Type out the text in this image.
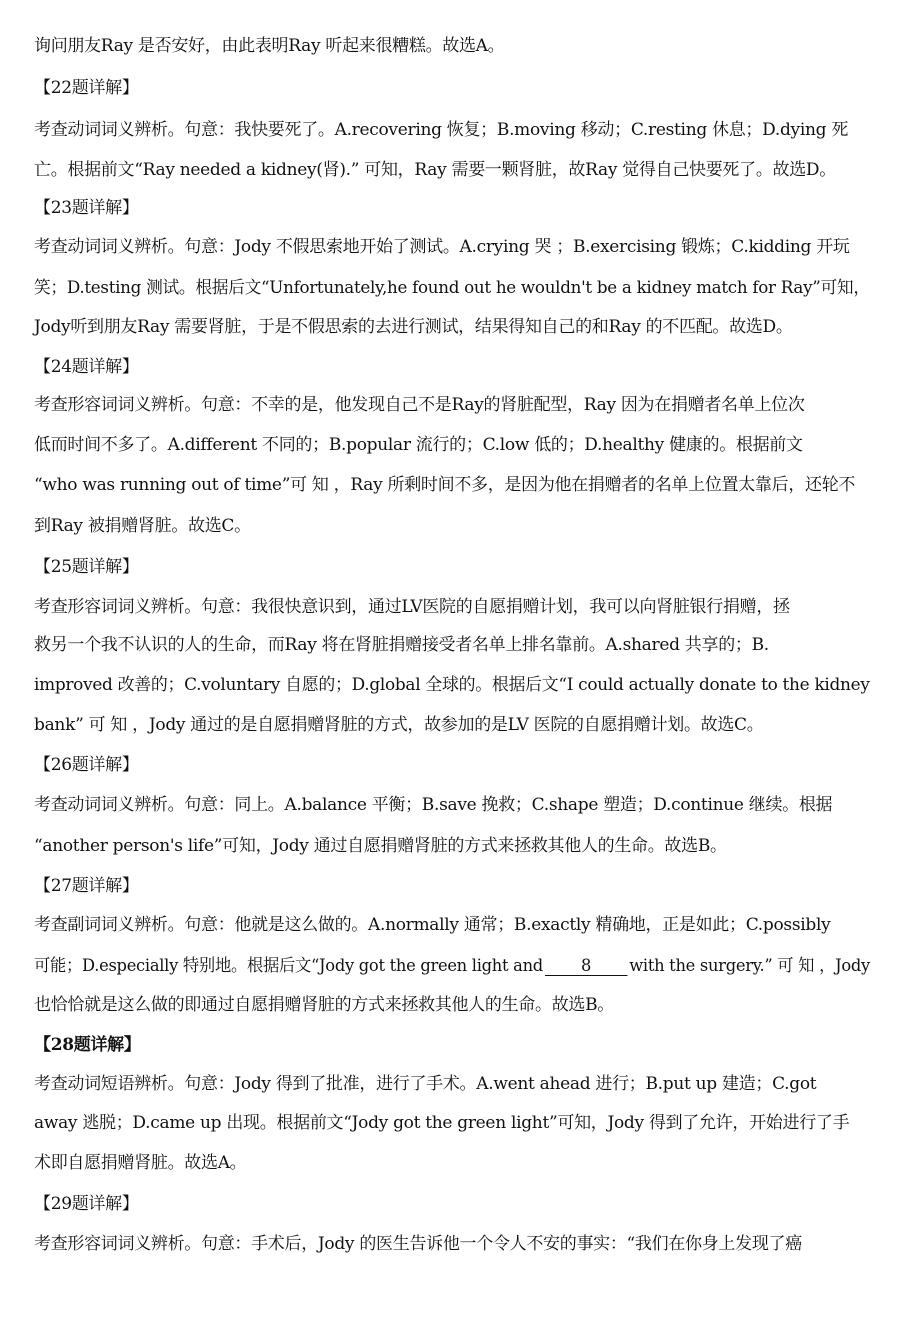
询问朋友Ray 是否安好，由此表明Ray 听起来很糟糕。故选A。
【22题详解】
考查动词词义辨析。句意：我快要死了。A.recovering 恢复；B.moving 移动；C.resting 休息；D.dying 死
亡。根据前文“Ray needed a kidney(肾).” 可知，Ray 需要一颗肾脏，故Ray 觉得自己快要死了。故选D。
【23题详解】
考查动词词义辨析。句意：Jody 不假思索地开始了测试。A.crying 哭 ；B.exercising 锻炼；C.kidding 开玩
笑；D.testing 测试。根据后文“Unfortunately,he found out he wouldn't be a kidney match for Ray”可知，
Jody听到朋友Ray 需要肾脏，于是不假思索的去进行测试，结果得知自己的和Ray 的不匹配。故选D。
【24题详解】
考查形容词词义辨析。句意：不幸的是，他发现自己不是Ray的肾脏配型，Ray 因为在捐赠者名单上位次
低而时间不多了。A.different 不同的；B.popular 流行的；C.low 低的；D.healthy 健康的。根据前文
“who was running out of time”可 知 ，Ray 所剩时间不多，是因为他在捐赠者的名单上位置太靠后，还轮不
到Ray 被捐赠肾脏。故选C。
【25题详解】
考查形容词词义辨析。句意：我很快意识到，通过LV医院的自愿捐赠计划，我可以向肾脏银行捐赠，拯
救另一个我不认识的人的生命，而Ray 将在肾脏捐赠接受者名单上排名靠前。A.shared 共享的；B.
improved 改善的；C.voluntary 自愿的；D.global 全球的。根据后文“I could actually donate to the kidney
bank” 可 知 ，Jody 通过的是自愿捐赠肾脏的方式，故参加的是LV 医院的自愿捐赠计划。故选C。
【26题详解】
考查动词词义辨析。句意：同上。A.balance 平衡；B.save 挽救；C.shape 塑造；D.continue 继续。根据
“another person's life”可知，Jody 通过自愿捐赠肾脏的方式来拯救其他人的生命。故选B。
【27题详解】
考查副词词义辨析。句意：他就是这么做的。A.normally 通常；B.exactly 精确地，正是如此；C.possibly
可能；D.especially 特别地。根据后文“Jody got the green light and 8 with the surgery.” 可 知 ，Jody
也恰恰就是这么做的即通过自愿捐赠肾脏的方式来拯救其他人的生命。故选B。
【28题详解】
考查动词短语辨析。句意：Jody 得到了批准，进行了手术。A.went ahead 进行；B.put up 建造；C.got
away 逃脱；D.came up 出现。根据前文“Jody got the green light”可知，Jody 得到了允许，开始进行了手
术即自愿捐赠肾脏。故选A。
【29题详解】
考查形容词词义辨析。句意：手术后，Jody 的医生告诉他一个令人不安的事实：“我们在你身上发现了癌
